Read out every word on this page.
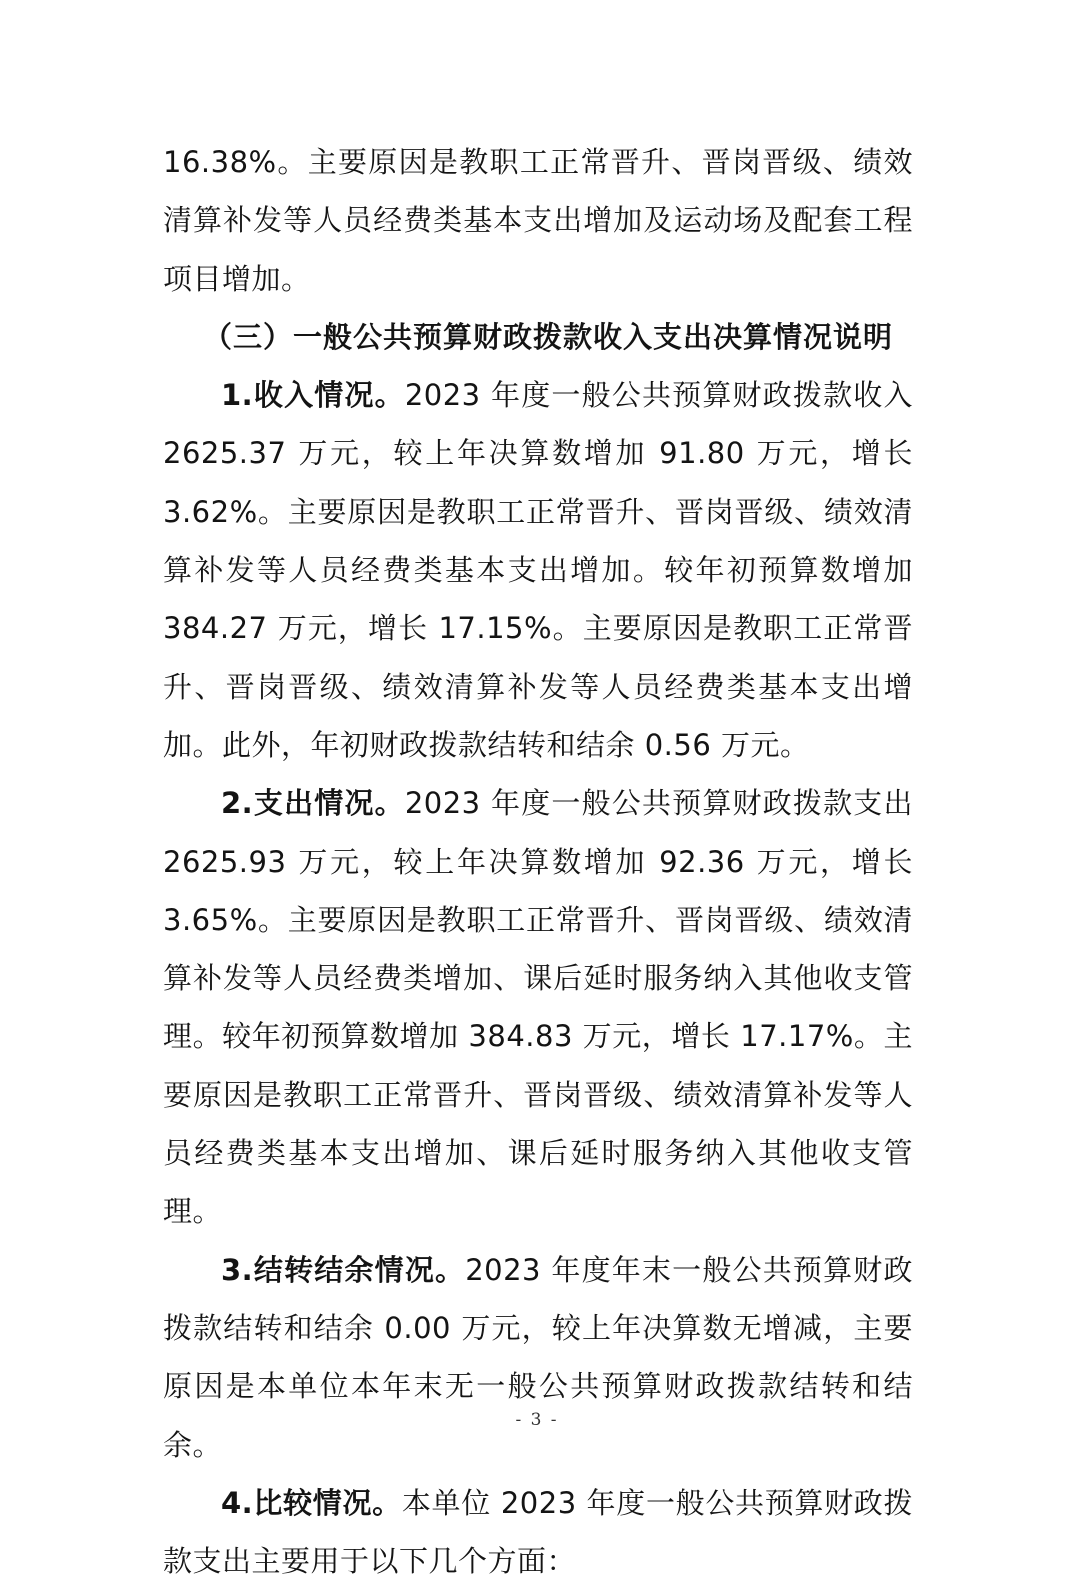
16.38%。主要原因是教职工正常晋升、晋岗晋级、绩效清算补发等人员经费类基本支出增加及运动场及配套工程项目增加。

（三）一般公共预算财政拨款收入支出决算情况说明

1.收入情况。2023 年度一般公共预算财政拨款收入 2625.37 万元，较上年决算数增加 91.80 万元，增长 3.62%。主要原因是教职工正常晋升、晋岗晋级、绩效清算补发等人员经费类基本支出增加。较年初预算数增加 384.27 万元，增长 17.15%。主要原因是教职工正常晋升、晋岗晋级、绩效清算补发等人员经费类基本支出增加。此外，年初财政拨款结转和结余 0.56 万元。

2.支出情况。2023 年度一般公共预算财政拨款支出 2625.93 万元，较上年决算数增加 92.36 万元，增长 3.65%。主要原因是教职工正常晋升、晋岗晋级、绩效清算补发等人员经费类增加、课后延时服务纳入其他收支管理。较年初预算数增加 384.83 万元，增长 17.17%。主要原因是教职工正常晋升、晋岗晋级、绩效清算补发等人员经费类基本支出增加、课后延时服务纳入其他收支管理。

3.结转结余情况。2023 年度年末一般公共预算财政拨款结转和结余 0.00 万元，较上年决算数无增减，主要原因是本单位本年末无一般公共预算财政拨款结转和结余。

4.比较情况。本单位 2023 年度一般公共预算财政拨款支出主要用于以下几个方面：

- 3 -
